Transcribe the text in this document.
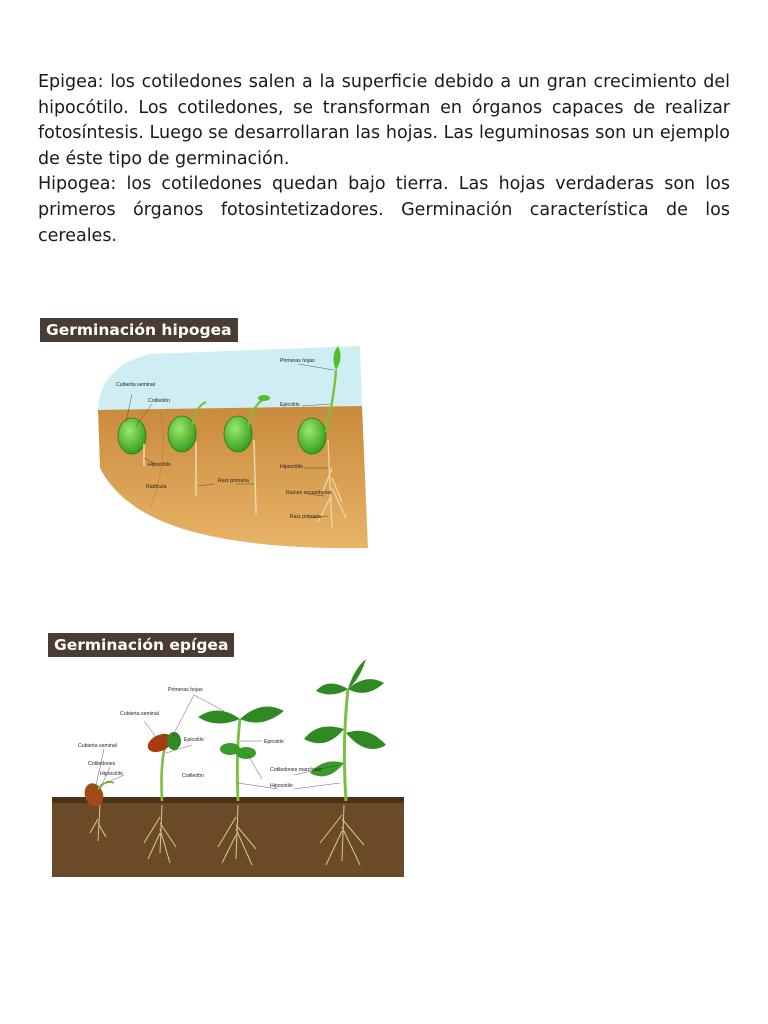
Epigea: los cotiledones salen a la superficie debido a un gran crecimiento del hipocótilo. Los cotiledones, se transforman en órganos capaces de realizar fotosíntesis. Luego se desarrollaran las hojas. Las leguminosas son un ejemplo de éste tipo de germinación.

Hipogea: los cotiledones quedan bajo tierra. Las hojas verdaderas son los primeros órganos fotosintetizadores. Germinación característica de los cereales.

Cubierta seminal
Cotiledón
Hipocótilo
Radícula
Raíz primaria
Primeras hojas
Epicótilo
Hipocótilo
Raíces secundarias
Raíz primaria
Germinación hipogea
Primeras hojas
Cubierta seminal
Epicotilo
Cubierta seminal
Cotiledones
Hipocotilo	Cotiledón
Epicotilo
Cotiledones marchitos
Hipocotilo
Germinación epígea
